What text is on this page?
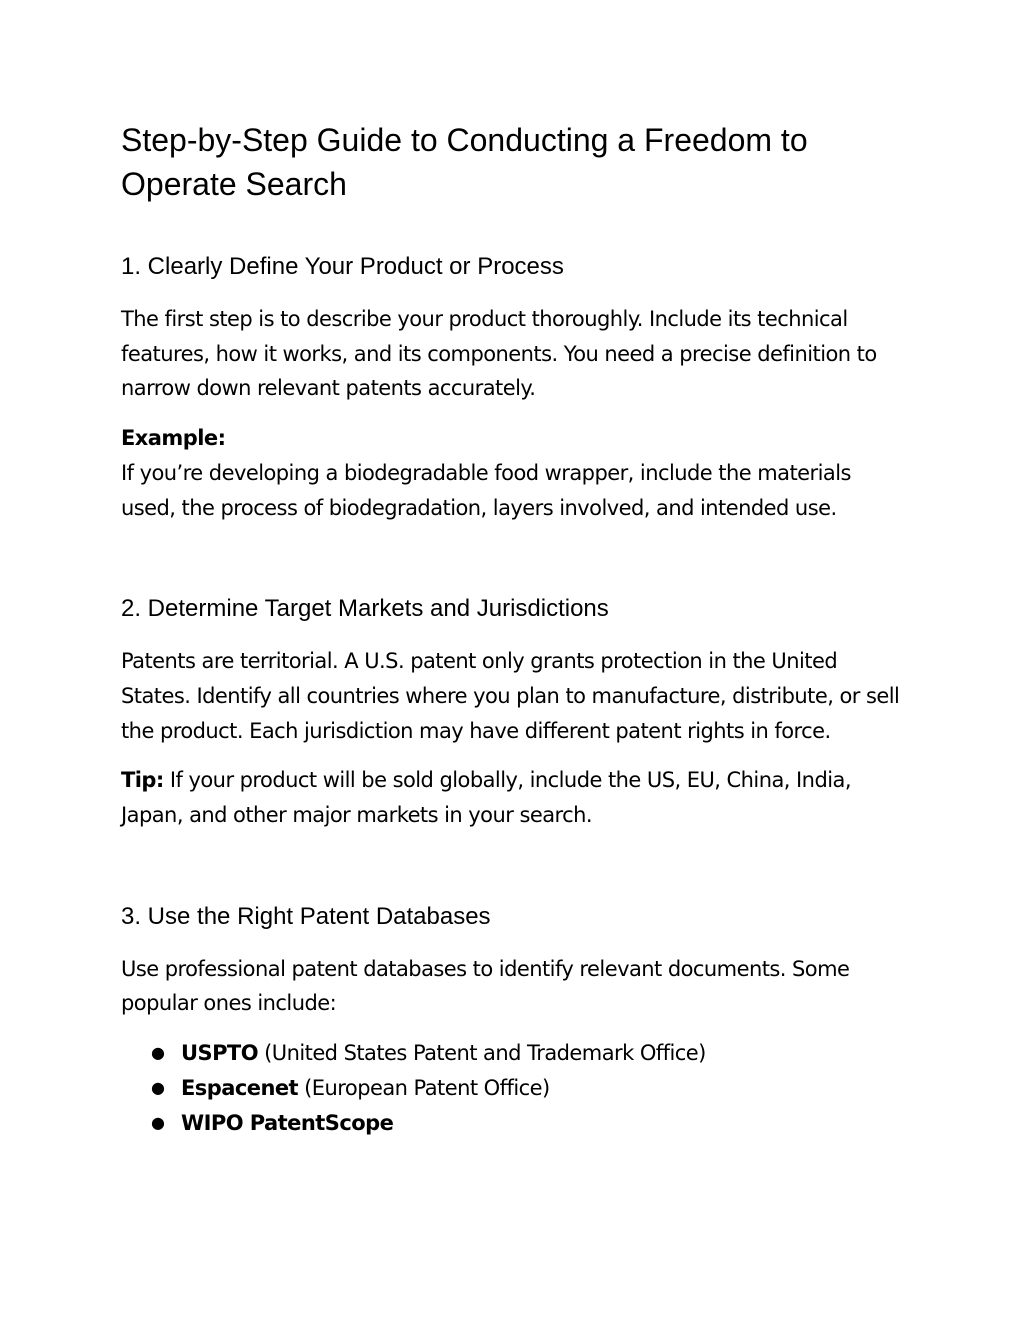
Step-by-Step Guide to Conducting a Freedom to Operate Search
1. Clearly Define Your Product or Process

The first step is to describe your product thoroughly. Include its technical features, how it works, and its components. You need a precise definition to narrow down relevant patents accurately.

Example:
If you’re developing a biodegradable food wrapper, include the materials used, the process of biodegradation, layers involved, and intended use.

2. Determine Target Markets and Jurisdictions

Patents are territorial. A U.S. patent only grants protection in the United States. Identify all countries where you plan to manufacture, distribute, or sell the product. Each jurisdiction may have different patent rights in force.

Tip: If your product will be sold globally, include the US, EU, China, India, Japan, and other major markets in your search.

3. Use the Right Patent Databases

Use professional patent databases to identify relevant documents. Some popular ones include:

● USPTO (United States Patent and Trademark Office)
● Espacenet (European Patent Office)
● WIPO PatentScope
